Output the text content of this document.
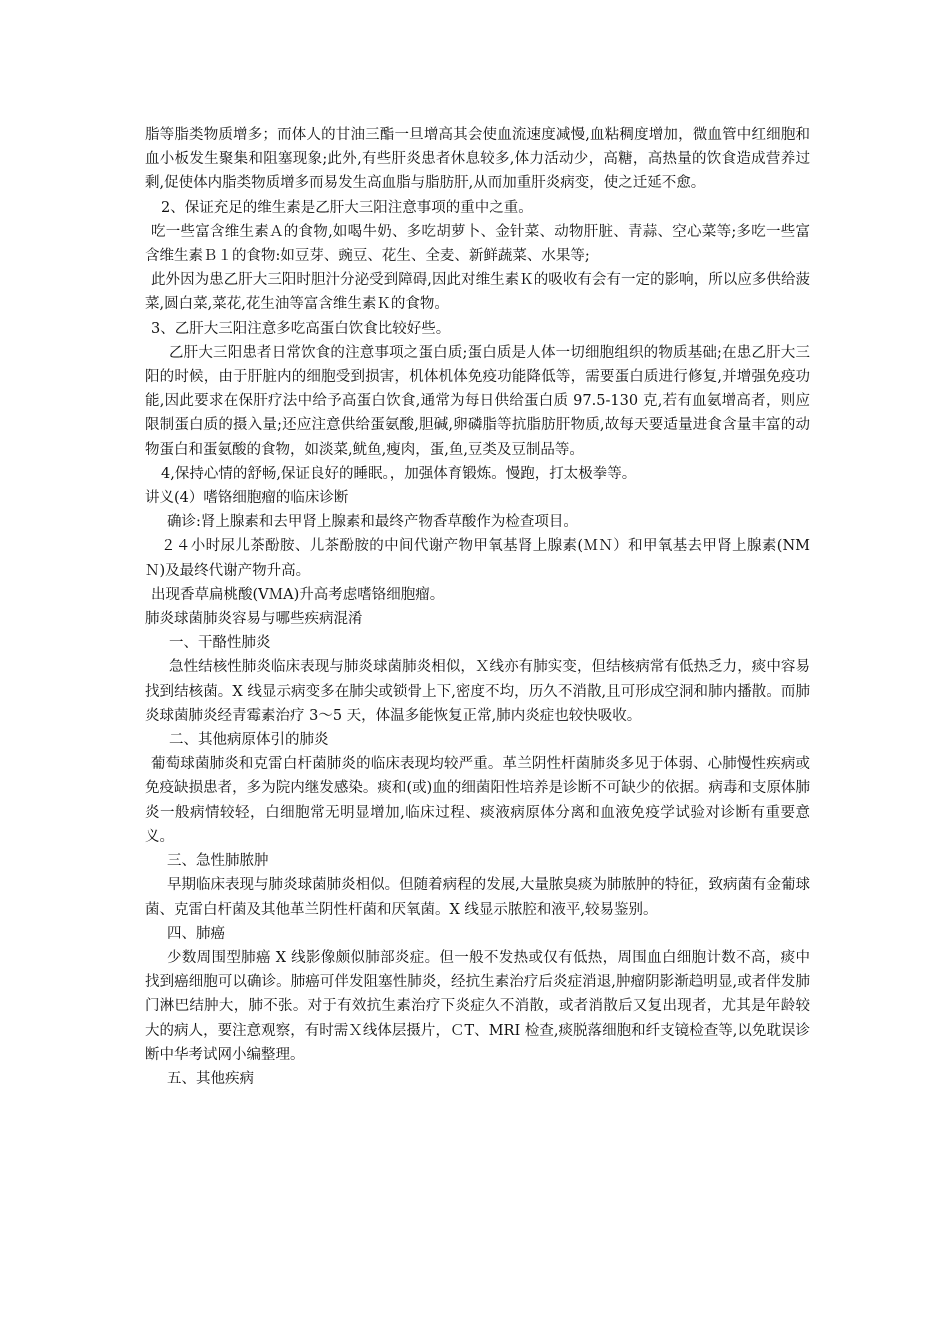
脂等脂类物质增多；而体人的甘油三酯一旦增高其会使血流速度减慢,血粘稠度增加，微血管中红细胞和血小板发生聚集和阻塞现象;此外,有些肝炎患者休息较多,体力活动少，高糖，高热量的饮食造成营养过剩,促使体内脂类物质增多而易发生高血脂与脂肪肝,从而加重肝炎病变，使之迁延不愈。

2、保证充足的维生素是乙肝大三阳注意事项的重中之重。

吃一些富含维生素Ａ的食物,如喝牛奶、多吃胡萝卜、金针菜、动物肝脏、青蒜、空心菜等;多吃一些富含维生素Ｂ１的食物:如豆芽、豌豆、花生、全麦、新鲜蔬菜、水果等;

此外因为患乙肝大三阳时胆汁分泌受到障碍,因此对维生素Ｋ的吸收有会有一定的影响，所以应多供给菠菜,圆白菜,菜花,花生油等富含维生素Ｋ的食物。

3、乙肝大三阳注意多吃高蛋白饮食比较好些。

乙肝大三阳患者日常饮食的注意事项之蛋白质;蛋白质是人体一切细胞组织的物质基础;在患乙肝大三阳的时候，由于肝脏内的细胞受到损害，机体机体免疫功能降低等，需要蛋白质进行修复,并增强免疫功能,因此要求在保肝疗法中给予高蛋白饮食,通常为每日供给蛋白质 97.5-130 克,若有血氨增高者，则应限制蛋白质的摄入量;还应注意供给蛋氨酸,胆碱,卵磷脂等抗脂肪肝物质,故每天要适量进食含量丰富的动物蛋白和蛋氨酸的食物，如淡菜,鱿鱼,瘦肉，蛋,鱼,豆类及豆制品等。

4,保持心情的舒畅,保证良好的睡眠。，加强体育锻炼。慢跑，打太极拳等。

讲义(4）嗜铬细胞瘤的临床诊断

确诊:肾上腺素和去甲肾上腺素和最终产物香草酸作为检查项目。

２４小时尿儿茶酚胺、儿茶酚胺的中间代谢产物甲氧基肾上腺素(ＭＮ）和甲氧基去甲肾上腺素(NMＮ)及最终代谢产物升高。

出现香草扁桃酸(VＭA)升高考虑嗜铬细胞瘤。

肺炎球菌肺炎容易与哪些疾病混淆

一、干酪性肺炎

急性结核性肺炎临床表现与肺炎球菌肺炎相似，Ｘ线亦有肺实变，但结核病常有低热乏力，痰中容易找到结核菌。X 线显示病变多在肺尖或锁骨上下,密度不均，历久不消散,且可形成空洞和肺内播散。而肺炎球菌肺炎经青霉素治疗 3～5 天，体温多能恢复正常,肺内炎症也较快吸收。

二、其他病原体引的肺炎

葡萄球菌肺炎和克雷白杆菌肺炎的临床表现均较严重。革兰阴性杆菌肺炎多见于体弱、心肺慢性疾病或免疫缺损患者，多为院内继发感染。痰和(或)血的细菌阳性培养是诊断不可缺少的依据。病毒和支原体肺炎一般病情较轻，白细胞常无明显增加,临床过程、痰液病原体分离和血液免疫学试验对诊断有重要意义。

三、急性肺脓肿

早期临床表现与肺炎球菌肺炎相似。但随着病程的发展,大量脓臭痰为肺脓肿的特征，致病菌有金葡球菌、克雷白杆菌及其他革兰阴性杆菌和厌氧菌。X 线显示脓腔和液平,较易鉴别。

四、肺癌

少数周围型肺癌 X 线影像颇似肺部炎症。但一般不发热或仅有低热，周围血白细胞计数不高，痰中找到癌细胞可以确诊。肺癌可伴发阻塞性肺炎，经抗生素治疗后炎症消退,肿瘤阴影渐趋明显,或者伴发肺门淋巴结肿大，肺不张。对于有效抗生素治疗下炎症久不消散，或者消散后又复出现者，尤其是年龄较大的病人，要注意观察，有时需Ｘ线体层摄片，ＣT、MRI 检查,痰脱落细胞和纤支镜检查等,以免耽误诊断中华考试网小编整理。

五、其他疾病
